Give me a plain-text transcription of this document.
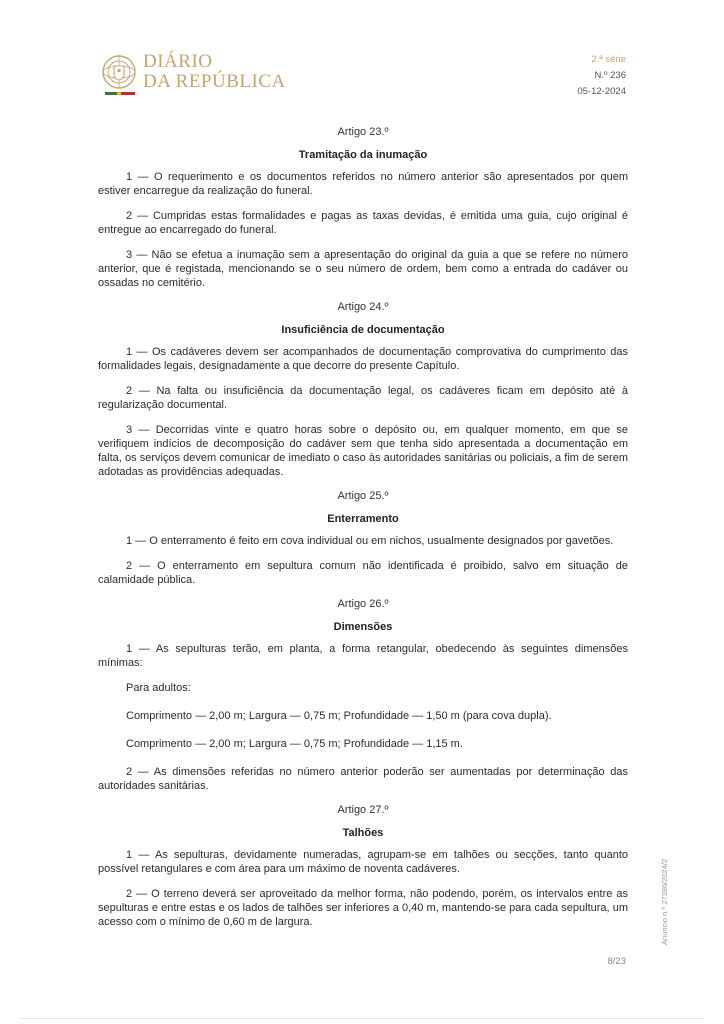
DIÁRIO
DA REPÚBLICA
2.ª série
N.º 236
05-12-2024
Artigo 23.º
Tramitação da inumação

1 — O requerimento e os documentos referidos no número anterior são apresentados por quem estiver encarregue da realização do funeral.

2 — Cumpridas estas formalidades e pagas as taxas devidas, é emitida uma guia, cujo original é entregue ao encarregado do funeral.

3 — Não se efetua a inumação sem a apresentação do original da guia a que se refere no número anterior, que é registada, mencionando se o seu número de ordem, bem como a entrada do cadáver ou ossadas no cemitério.

Artigo 24.º
Insuficiência de documentação

1 — Os cadáveres devem ser acompanhados de documentação comprovativa do cumprimento das formalidades legais, designadamente a que decorre do presente Capítulo.

2 — Na falta ou insuficiência da documentação legal, os cadáveres ficam em depósito até à regularização documental.

3 — Decorridas vinte e quatro horas sobre o depósito ou, em qualquer momento, em que se verifiquem indícios de decomposição do cadáver sem que tenha sido apresentada a documentação em falta, os serviços devem comunicar de imediato o caso às autoridades sanitárias ou policiais, a fim de serem adotadas as providências adequadas.

Artigo 25.º
Enterramento

1 — O enterramento é feito em cova individual ou em nichos, usualmente designados por gavetões.

2 — O enterramento em sepultura comum não identificada é proibido, salvo em situação de calamidade pública.

Artigo 26.º
Dimensões

1 — As sepulturas terão, em planta, a forma retangular, obedecendo às seguintes dimensões mínimas:

Para adultos:

Comprimento — 2,00 m; Largura — 0,75 m; Profundidade — 1,50 m (para cova dupla).

Comprimento — 2,00 m; Largura — 0,75 m; Profundidade — 1,15 m.

2 — As dimensões referidas no número anterior poderão ser aumentadas por determinação das autoridades sanitárias.

Artigo 27.º
Talhões

1 — As sepulturas, devidamente numeradas, agrupam-se em talhões ou secções, tanto quanto possível retangulares e com área para um máximo de noventa cadáveres.

2 — O terreno deverá ser aproveitado da melhor forma, não podendo, porém, os intervalos entre as sepulturas e entre estas e os lados de talhões ser inferiores a 0,40 m, mantendo-se para cada sepultura, um acesso com o mínimo de 0,60 m de largura.	Anúncio n.º 27386/2024/2
8/23
